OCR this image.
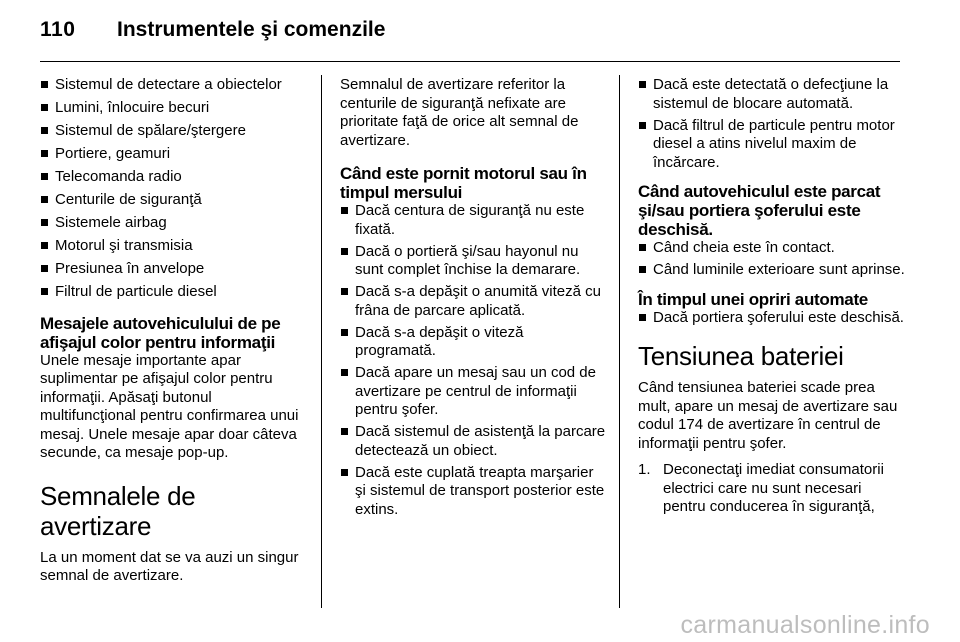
110 Instrumentele şi comenzile
Sistemul de detectare a obiectelor
Lumini, înlocuire becuri
Sistemul de spălare/ştergere
Portiere, geamuri
Telecomanda radio
Centurile de siguranţă
Sistemele airbag
Motorul şi transmisia
Presiunea în anvelope
Filtrul de particule diesel
Mesajele autovehiculului de pe afişajul color pentru informaţii

Unele mesaje importante apar suplimentar pe afişajul color pentru informaţii. Apăsaţi butonul multifuncţional pentru confirmarea unui mesaj. Unele mesaje apar doar câteva secunde, ca mesaje pop-up.

Semnalele de avertizare

La un moment dat se va auzi un singur semnal de avertizare.

Semnalul de avertizare referitor la centurile de siguranţă nefixate are prioritate faţă de orice alt semnal de avertizare.

Când este pornit motorul sau în timpul mersului
Dacă centura de siguranţă nu este fixată.
Dacă o portieră şi/sau hayonul nu sunt complet închise la demarare.
Dacă s-a depăşit o anumită viteză cu frâna de parcare aplicată.
Dacă s-a depăşit o viteză programată.
Dacă apare un mesaj sau un cod de avertizare pe centrul de informaţii pentru şofer.
Dacă sistemul de asistenţă la parcare detectează un obiect.
Dacă este cuplată treapta marşarier şi sistemul de transport posterior este extins.
Dacă este detectată o defecţiune la sistemul de blocare automată.
Dacă filtrul de particule pentru motor diesel a atins nivelul maxim de încărcare.
Când autovehiculul este parcat şi/sau portiera şoferului este deschisă.
Când cheia este în contact.
Când luminile exterioare sunt aprinse.
În timpul unei opriri automate
Dacă portiera şoferului este deschisă.
Tensiunea bateriei

Când tensiunea bateriei scade prea mult, apare un mesaj de avertizare sau codul 174 de avertizare în centrul de informaţii pentru şofer.

1. Deconectaţi imediat consumatorii electrici care nu sunt necesari pentru conducerea în siguranţă,
carmanualsonline.info
